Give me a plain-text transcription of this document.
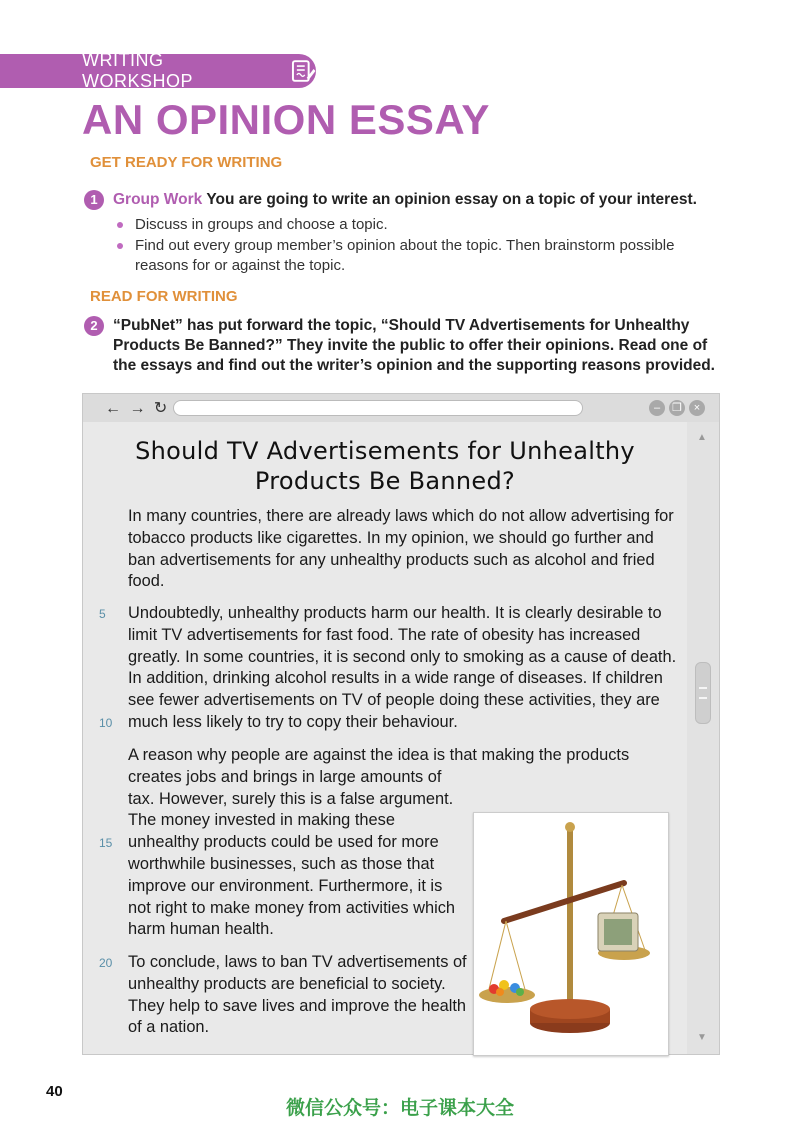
WRITING WORKSHOP
AN OPINION ESSAY
GET READY FOR WRITING
1 Group Work You are going to write an opinion essay on a topic of your interest.
Discuss in groups and choose a topic.
Find out every group member’s opinion about the topic. Then brainstorm possible reasons for or against the topic.
READ FOR WRITING
2 “PubNet” has put forward the topic, “Should TV Advertisements for Unhealthy Products Be Banned?” They invite the public to offer their opinions. Read one of the essays and find out the writer’s opinion and the supporting reasons provided.
← → ↻	–	❐	×
Should TV Advertisements for Unhealthy
Products Be Banned?
In many countries, there are already laws which do not allow advertising for tobacco products like cigarettes. In my opinion, we should go further and ban advertisements for any unhealthy products such as alcohol and fried food.
5 Undoubtedly, unhealthy products harm our health. It is clearly desirable to limit TV advertisements for fast food. The rate of obesity has increased greatly. In some countries, it is second only to smoking as a cause of death. In addition, drinking alcohol results in a wide range of diseases. If children see fewer advertisements on TV of people doing these activities, they are much less likely to try to copy their behaviour.
10
A reason why people are against the idea is that making the products
creates jobs and brings in large amounts of tax. However, surely this is a false argument. The money invested in making these unhealthy products could be used for more worthwhile businesses, such as those that improve our environment. Furthermore, it is not right to make money from activities which harm human health.
15
20 To conclude, laws to ban TV advertisements of unhealthy products are beneficial to society. They help to save lives and improve the health of a nation.
▲
▼
40
微信公众号：电子课本大全
